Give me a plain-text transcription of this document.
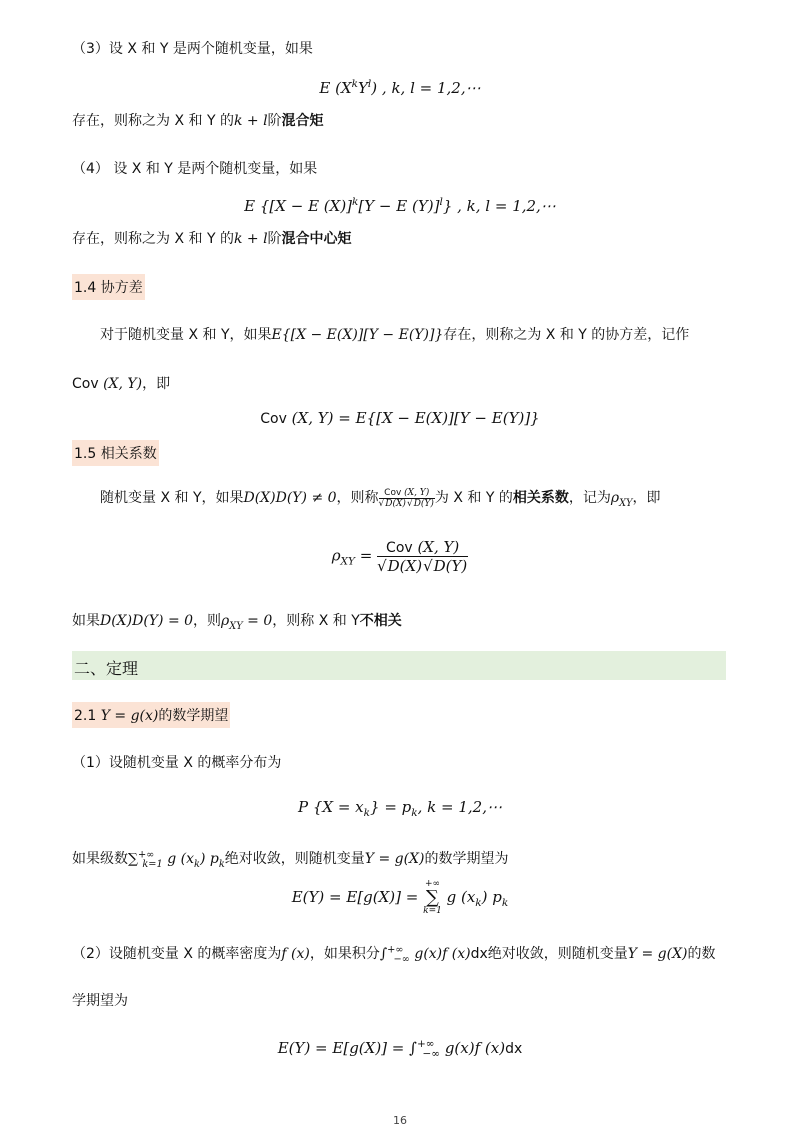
（3）设 X 和 Y 是两个随机变量，如果
E $(X^kY^l)$ , k, l = 1,2,⋯
存在，则称之为 X 和 Y 的k + l阶混合矩
（4） 设 X 和 Y 是两个随机变量，如果
E {[X − E (X)]$^k$[Y − E (Y)]$^l$} , k, l = 1,2,⋯
存在，则称之为 X 和 Y 的k + l阶混合中心矩
1.4 协方差
对于随机变量 X 和 Y，如果E{[X − E(X)][Y − E(Y)]}存在，则称之为 X 和 Y 的协方差，记作
Cov (X, Y)，即
Cov (X, Y) = E{[X − E(X)][Y − E(Y)]}
1.5 相关系数
随机变量 X 和 Y，如果D(X)D(Y) ≠ 0，则称 $\frac{\text{Cov (X, Y)}}{√D(X)√D(Y)}$ 为 X 和 Y 的相关系数，记为$\rho_{XY}$，即
$\rho_{XY} = \frac{\text{Cov (X, Y)}}{√D(X)√D(Y)}$
如果D(X)D(Y) = 0，则$\rho_{XY} = 0$，则称 X 和 Y不相关
二、定理
2.1 Y = g(x)的数学期望
（1）设随机变量 X 的概率分布为
P $\{X = x_k\} = p_k$, k = 1,2,⋯
如果级数$\sum^{+\infty}_{k=1}$ g $(x_k)$ $p_k$绝对收敛，则随机变量Y = g(X)的数学期望为
E(Y) = E[g(X)] =
+∞
∑
k=1
g $(x_k)$ $p_k$
（2）设随机变量 X 的概率密度为f (x)，如果积分$\int^{+\infty}_{-\infty}$ g(x)f (x)dx绝对收敛，则随机变量Y = g(X)的数
学期望为
$E(Y) = E[g(X)] = \int^{+\infty}_{-\infty}$ g(x)f (x)dx
16
